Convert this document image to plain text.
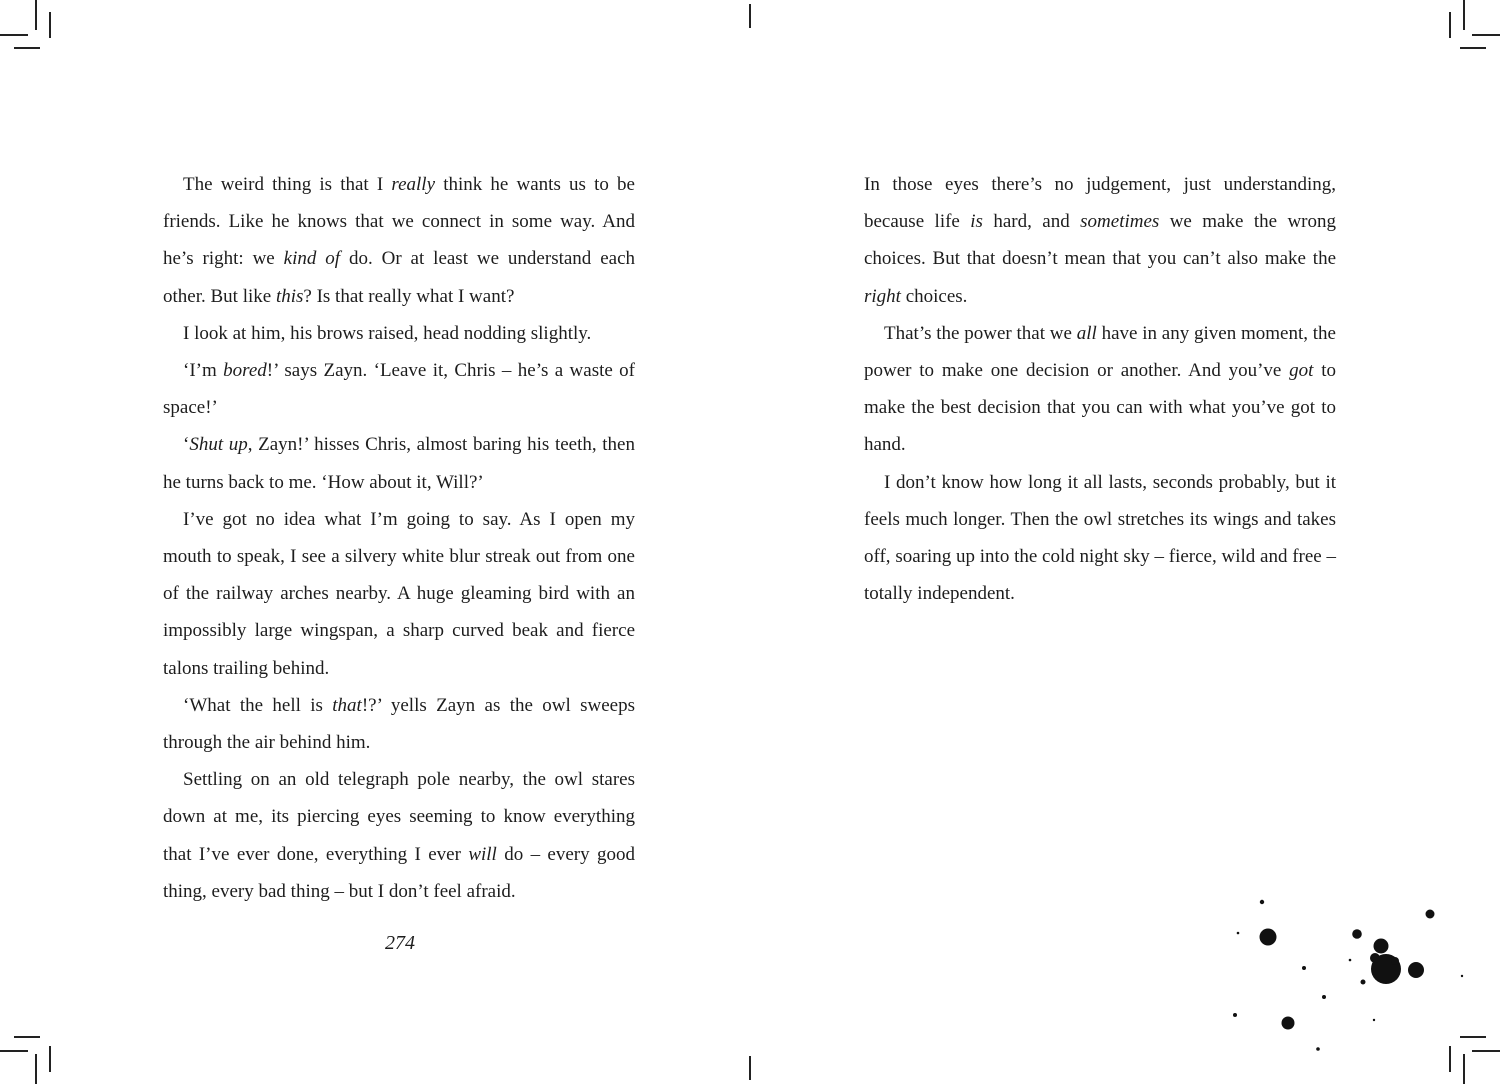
The weird thing is that I really think he wants us to be friends. Like he knows that we connect in some way. And he’s right: we kind of do. Or at least we understand each other. But like this? Is that really what I want?

I look at him, his brows raised, head nodding slightly.

‘I’m bored!’ says Zayn. ‘Leave it, Chris – he’s a waste of space!’

‘Shut up, Zayn!’ hisses Chris, almost baring his teeth, then he turns back to me. ‘How about it, Will?’

I’ve got no idea what I’m going to say. As I open my mouth to speak, I see a silvery white blur streak out from one of the railway arches nearby. A huge gleaming bird with an impossibly large wingspan, a sharp curved beak and fierce talons trailing behind.

‘What the hell is that!?’ yells Zayn as the owl sweeps through the air behind him.

Settling on an old telegraph pole nearby, the owl stares down at me, its piercing eyes seeming to know everything that I’ve ever done, everything I ever will do – every good thing, every bad thing – but I don’t feel afraid.

274

In those eyes there’s no judgement, just understanding, because life is hard, and sometimes we make the wrong choices. But that doesn’t mean that you can’t also make the right choices.

That’s the power that we all have in any given moment, the power to make one decision or another. And you’ve got to make the best decision that you can with what you’ve got to hand.

I don’t know how long it all lasts, seconds probably, but it feels much longer. Then the owl stretches its wings and takes off, soaring up into the cold night sky – fierce, wild and free – totally independent.
